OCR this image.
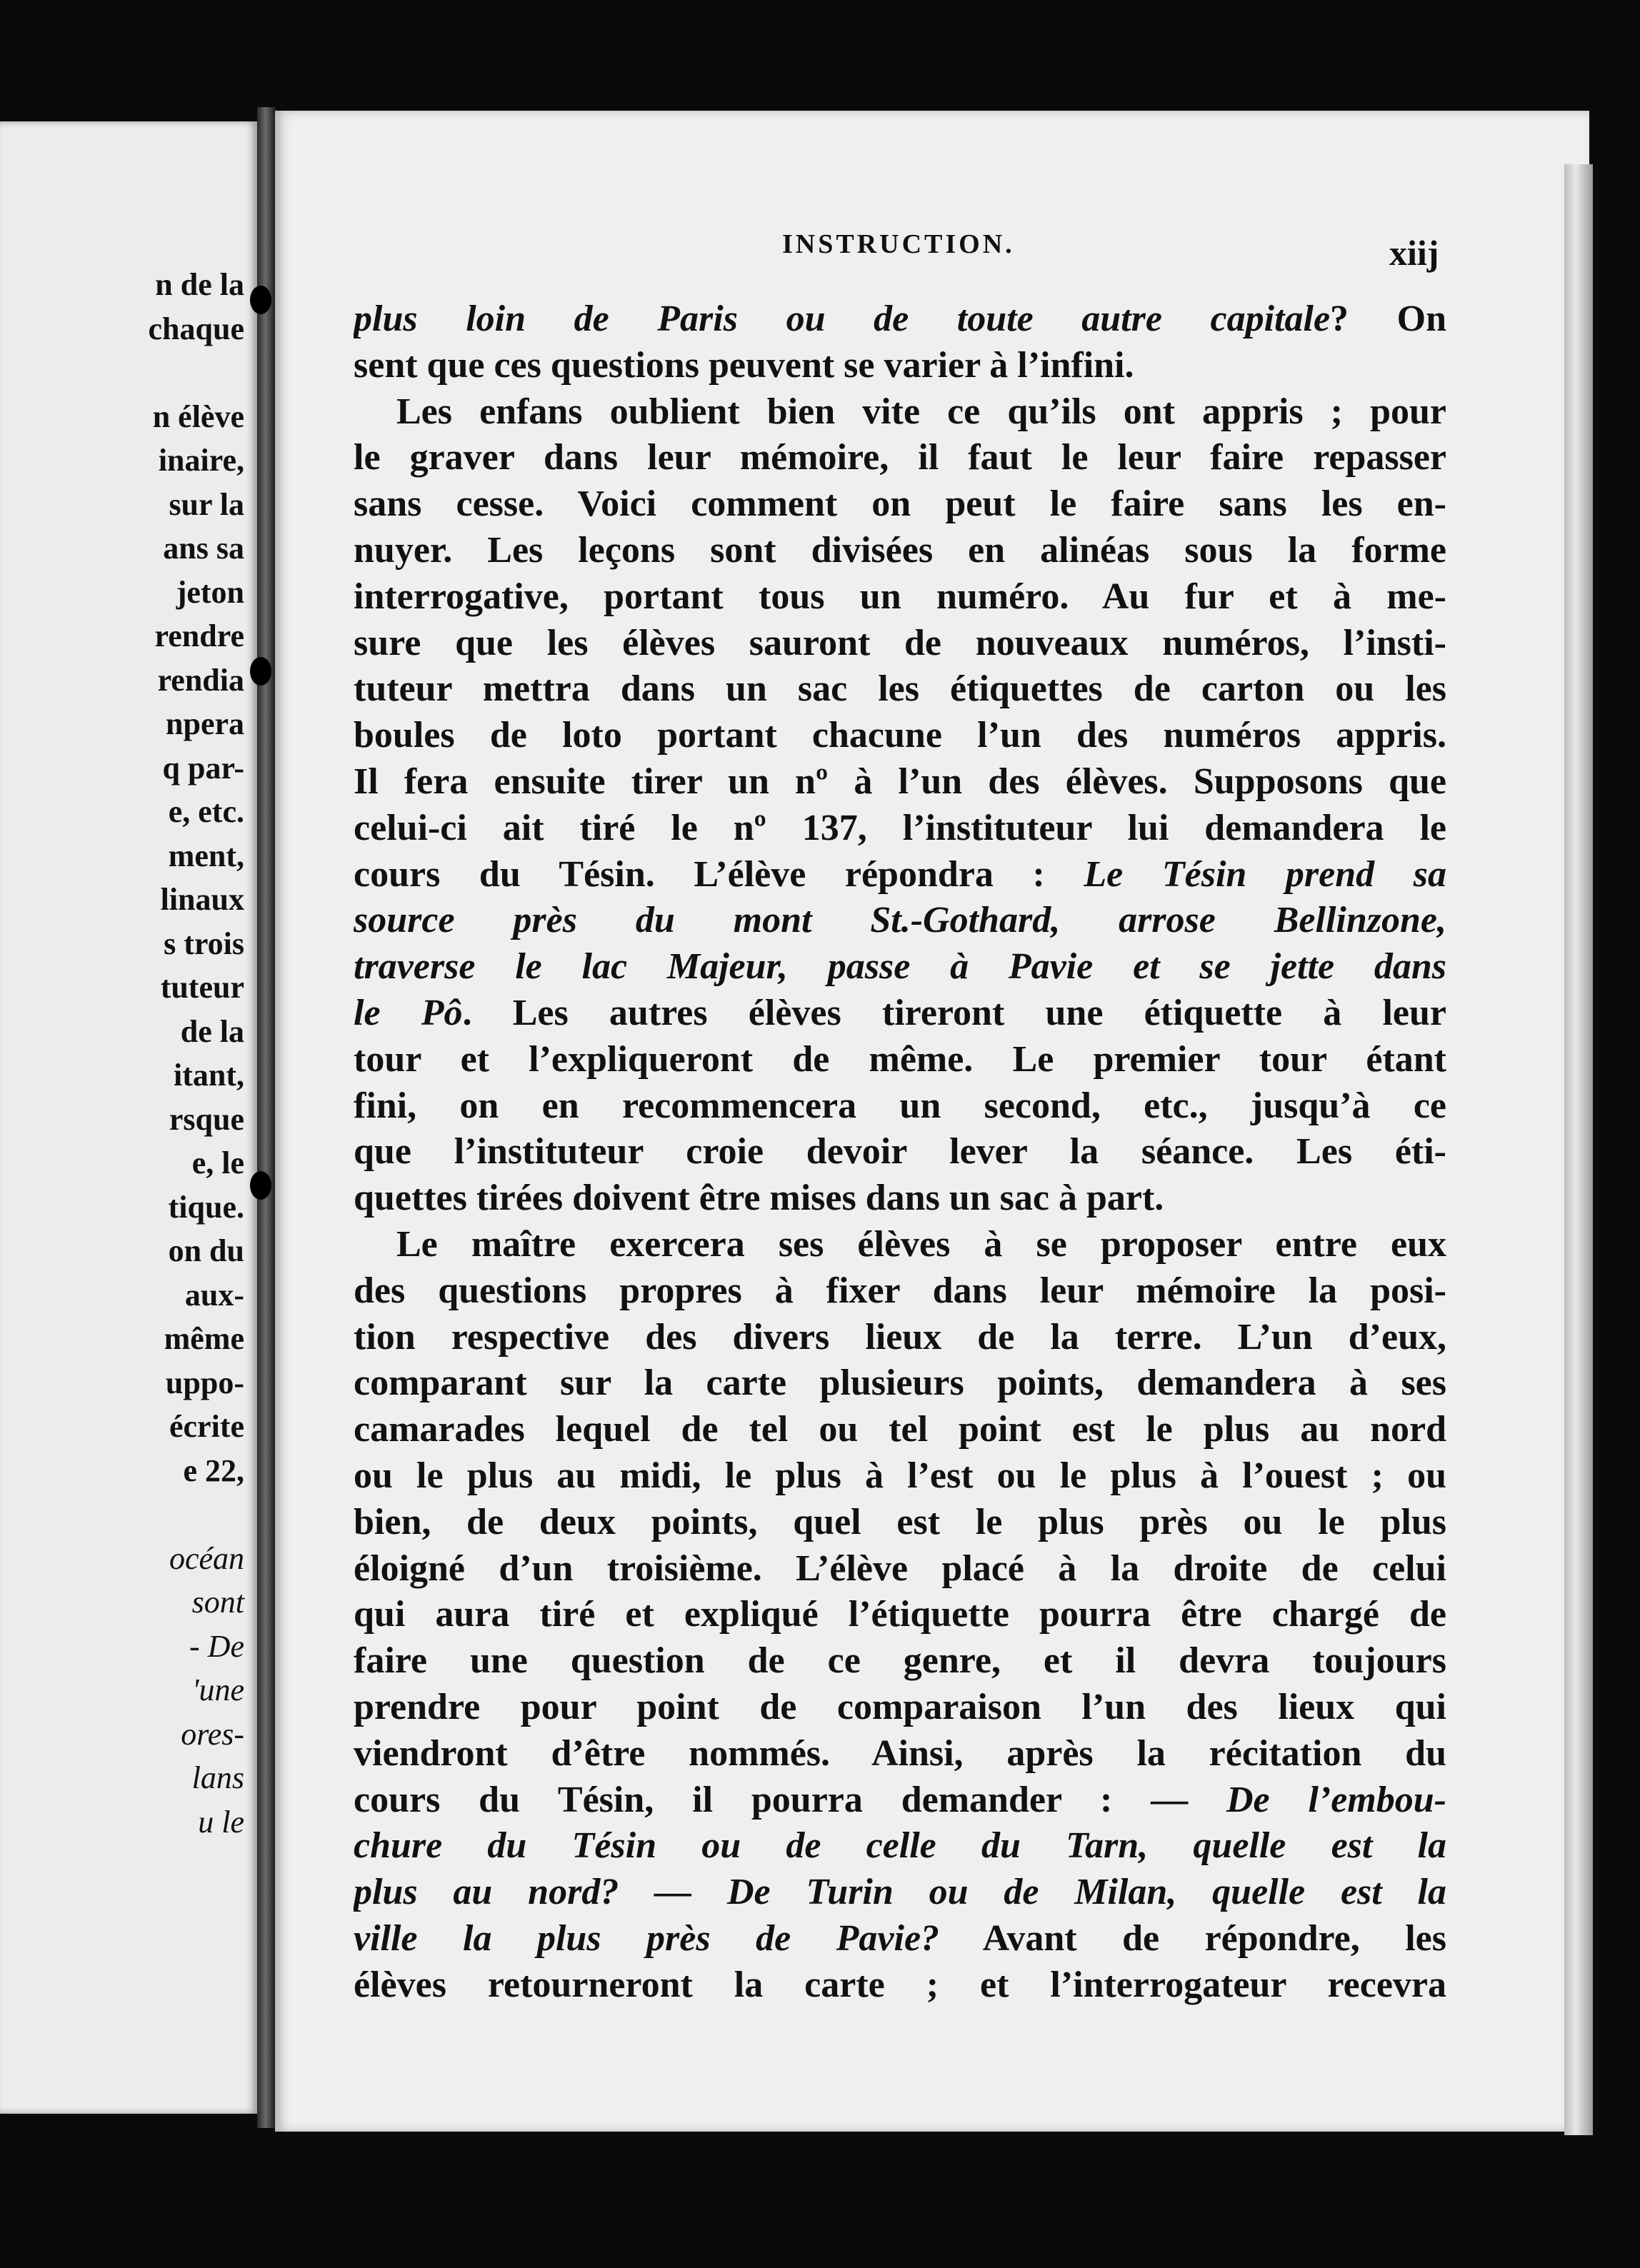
n de la
chaque
n élève
inaire,
sur la
ans sa
jeton
rendre
rendia
npera
q par-
e, etc.
ment,
linaux
s trois
tuteur
de la
itant,
rsque
e, le
tique.
on du
aux-
même
uppo-
écrite
e 22,
océan
sont
- De
'une
ores-
lans
u le
INSTRUCTION.	xiij
plus loin de Paris ou de toute autre capitale? On
sent que ces questions peuvent se varier à l’infini.
Les enfans oublient bien vite ce qu’ils ont appris ; pour
le graver dans leur mémoire, il faut le leur faire repasser
sans cesse. Voici comment on peut le faire sans les en-
nuyer. Les leçons sont divisées en alinéas sous la forme
interrogative, portant tous un numéro. Au fur et à me-
sure que les élèves sauront de nouveaux numéros, l’insti-
tuteur mettra dans un sac les étiquettes de carton ou les
boules de loto portant chacune l’un des numéros appris.
Il fera ensuite tirer un nº à l’un des élèves. Supposons que
celui-ci ait tiré le nº 137, l’instituteur lui demandera le
cours du Tésin. L’élève répondra : Le Tésin prend sa
source près du mont St.-Gothard, arrose Bellinzone,
traverse le lac Majeur, passe à Pavie et se jette dans
le Pô. Les autres élèves tireront une étiquette à leur
tour et l’expliqueront de même. Le premier tour étant
fini, on en recommencera un second, etc., jusqu’à ce
que l’instituteur croie devoir lever la séance. Les éti-
quettes tirées doivent être mises dans un sac à part.
Le maître exercera ses élèves à se proposer entre eux
des questions propres à fixer dans leur mémoire la posi-
tion respective des divers lieux de la terre. L’un d’eux,
comparant sur la carte plusieurs points, demandera à ses
camarades lequel de tel ou tel point est le plus au nord
ou le plus au midi, le plus à l’est ou le plus à l’ouest ; ou
bien, de deux points, quel est le plus près ou le plus
éloigné d’un troisième. L’élève placé à la droite de celui
qui aura tiré et expliqué l’étiquette pourra être chargé de
faire une question de ce genre, et il devra toujours
prendre pour point de comparaison l’un des lieux qui
viendront d’être nommés. Ainsi, après la récitation du
cours du Tésin, il pourra demander : — De l’embou-
chure du Tésin ou de celle du Tarn, quelle est la
plus au nord? — De Turin ou de Milan, quelle est la
ville la plus près de Pavie? Avant de répondre, les
élèves retourneront la carte ; et l’interrogateur recevra
